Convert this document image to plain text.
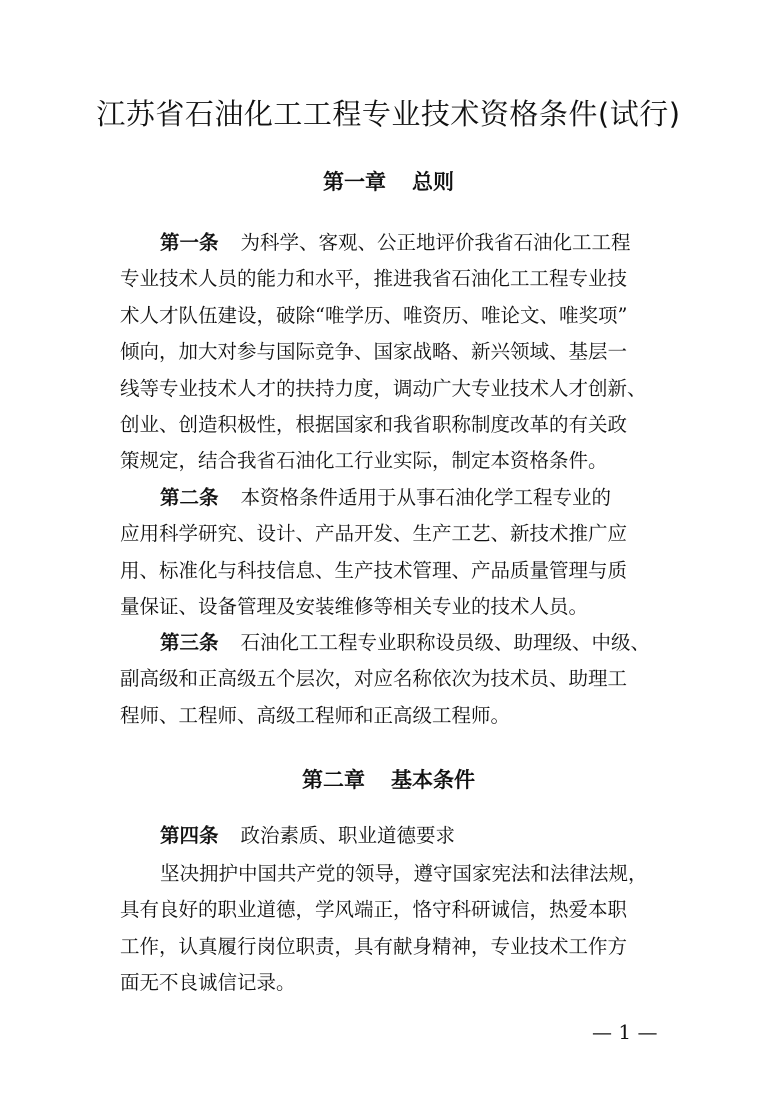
江苏省石油化工工程专业技术资格条件(试行)
第一章 总则
第一条 为科学、客观、公正地评价我省石油化工工程
专业技术人员的能力和水平，推进我省石油化工工程专业技
术人才队伍建设，破除“唯学历、唯资历、唯论文、唯奖项”
倾向，加大对参与国际竞争、国家战略、新兴领域、基层一
线等专业技术人才的扶持力度，调动广大专业技术人才创新、
创业、创造积极性，根据国家和我省职称制度改革的有关政
策规定，结合我省石油化工行业实际，制定本资格条件。
第二条 本资格条件适用于从事石油化学工程专业的
应用科学研究、设计、产品开发、生产工艺、新技术推广应
用、标准化与科技信息、生产技术管理、产品质量管理与质
量保证、设备管理及安装维修等相关专业的技术人员。
第三条 石油化工工程专业职称设员级、助理级、中级、
副高级和正高级五个层次，对应名称依次为技术员、助理工
程师、工程师、高级工程师和正高级工程师。
第二章 基本条件
第四条 政治素质、职业道德要求
坚决拥护中国共产党的领导，遵守国家宪法和法律法规，
具有良好的职业道德，学风端正，恪守科研诚信，热爱本职
工作，认真履行岗位职责，具有献身精神，专业技术工作方
面无不良诚信记录。
— 1 —
